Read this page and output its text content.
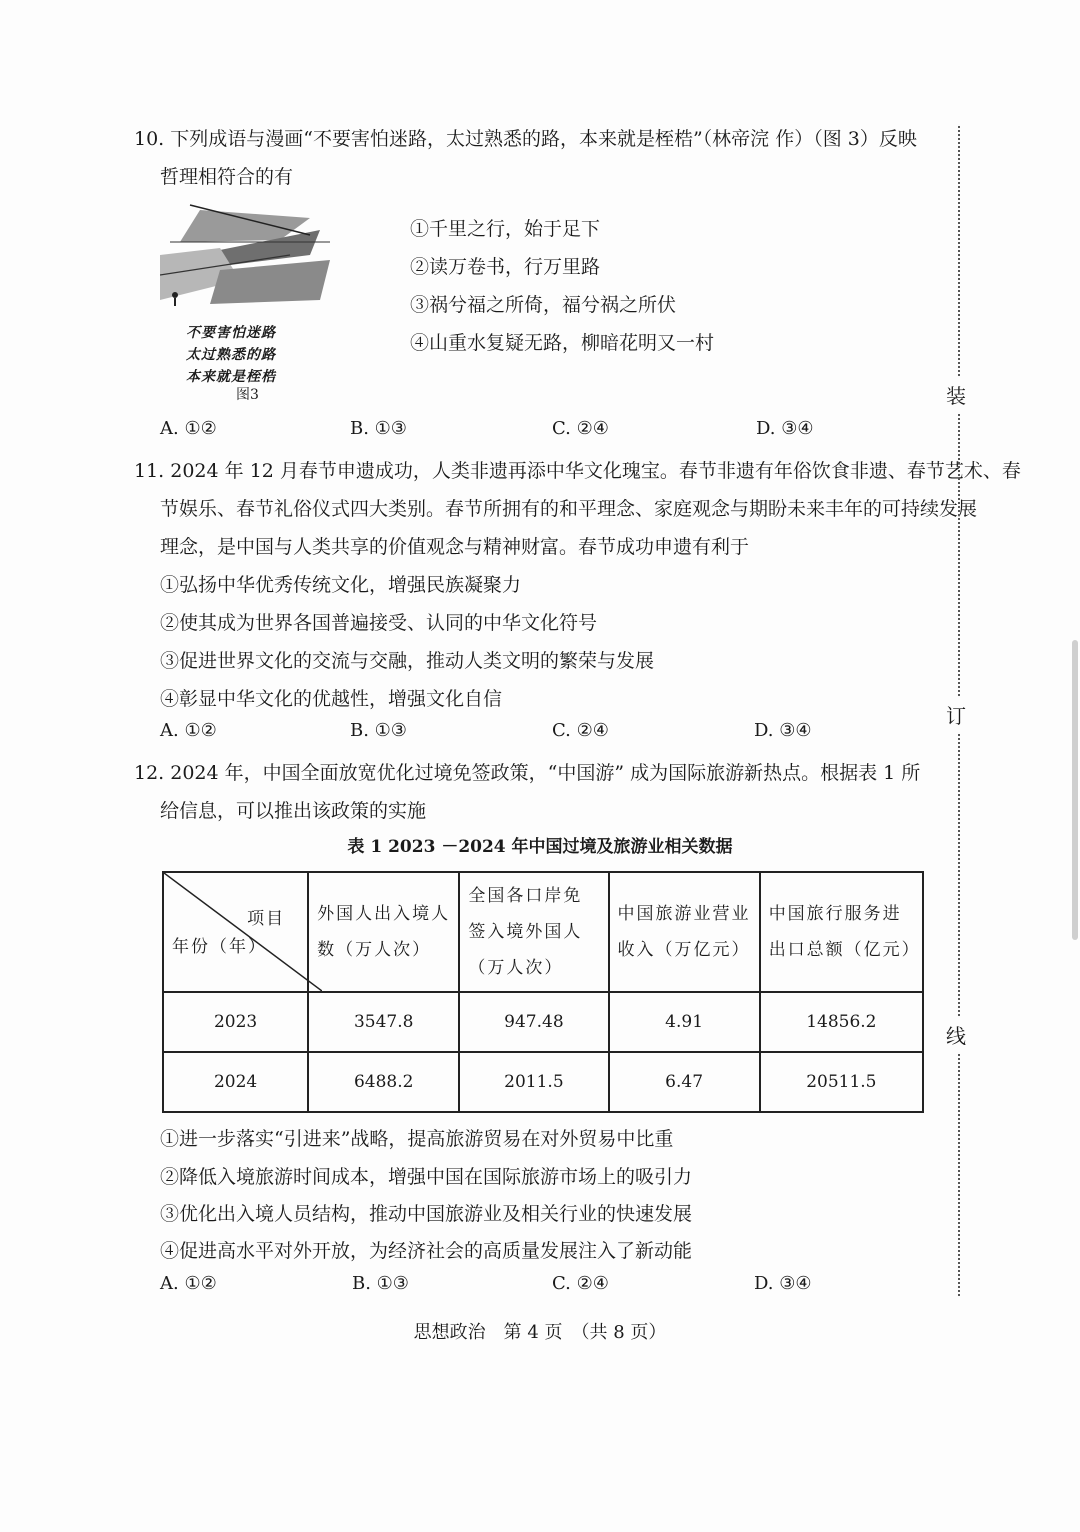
10. 下列成语与漫画“不要害怕迷路，太过熟悉的路，本来就是桎梏”（林帝浣 作）（图 3）反映
哲理相符合的有
不要害怕迷路
太过熟悉的路
本来就是桎梏
图3
①千里之行，始于足下
②读万卷书，行万里路
③祸兮福之所倚，福兮祸之所伏
④山重水复疑无路，柳暗花明又一村
A. ①②	B. ①③	C. ②④	D. ③④
11. 2024 年 12 月春节申遗成功，人类非遗再添中华文化瑰宝。春节非遗有年俗饮食非遗、春节艺术、春
节娱乐、春节礼俗仪式四大类别。春节所拥有的和平理念、家庭观念与期盼未来丰年的可持续发展
理念，是中国与人类共享的价值观念与精神财富。春节成功申遗有利于
①弘扬中华优秀传统文化，增强民族凝聚力
②使其成为世界各国普遍接受、认同的中华文化符号
③促进世界文化的交流与交融，推动人类文明的繁荣与发展
④彰显中华文化的优越性，增强文化自信
A. ①②	B. ①③	C. ②④	D. ③④
12. 2024 年，中国全面放宽优化过境免签政策，“中国游” 成为国际旅游新热点。根据表 1 所
给信息，可以推出该政策的实施
表 1 2023 －2024 年中国过境及旅游业相关数据
项目
年份（年）	外国人出入境人数（万人次）	全国各口岸免签入境外国人（万人次）	中国旅游业营业收入（万亿元）	中国旅行服务进出口总额（亿元）
2023	3547.8	947.48	4.91	14856.2
2024	6488.2	2011.5	6.47	20511.5
①进一步落实“引进来”战略，提高旅游贸易在对外贸易中比重
②降低入境旅游时间成本，增强中国在国际旅游市场上的吸引力
③优化出入境人员结构，推动中国旅游业及相关行业的快速发展
④促进高水平对外开放，为经济社会的高质量发展注入了新动能
A. ①②	B. ①③	C. ②④	D. ③④
装
订
线
思想政治　第 4 页　（共 8 页）
